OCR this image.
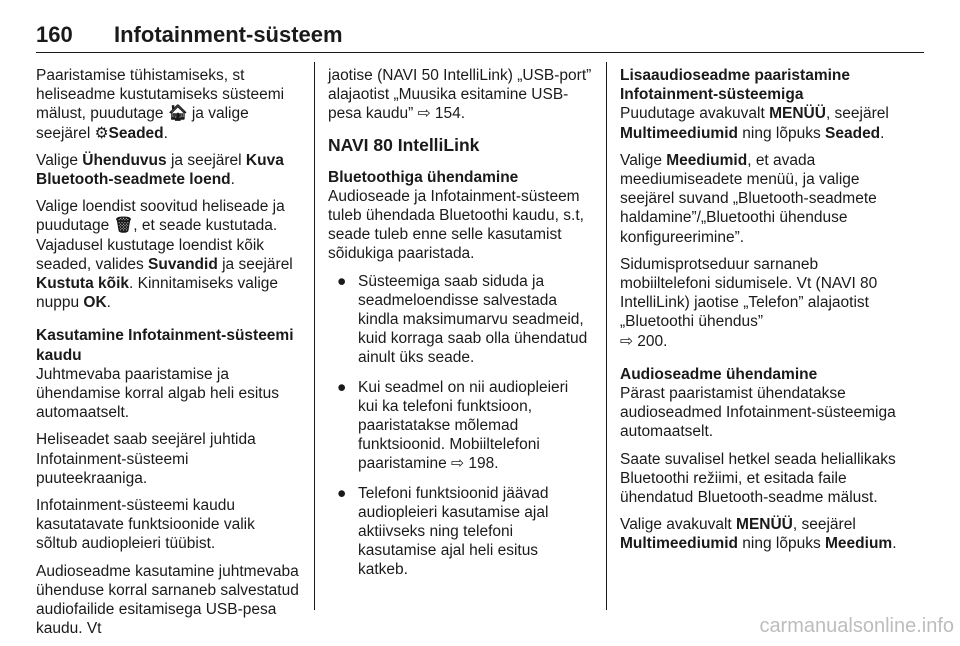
160 Infotainment-süsteem

Paaristamise tühistamiseks, st heliseadme kustutamiseks süsteemi mälust, puudutage 🏠︎ ja valige seejärel ⚙Seaded.

Valige Ühenduvus ja seejärel Kuva Bluetooth-seadmete loend.

Valige loendist soovitud heliseade ja puudutage 🗑︎, et seade kustutada. Vajadusel kustutage loendist kõik seaded, valides Suvandid ja seejärel Kustuta kõik. Kinnitamiseks valige nuppu OK.

Kasutamine Infotainment-süsteemi kaudu

Juhtmevaba paaristamise ja ühendamise korral algab heli esitus automaatselt.

Heliseadet saab seejärel juhtida Infotainment-süsteemi puuteekraaniga.

Infotainment-süsteemi kaudu kasutatavate funktsioonide valik sõltub audiopleieri tüübist.

Audioseadme kasutamine juhtmevaba ühenduse korral sarnaneb salvestatud audiofailide esitamisega USB-pesa kaudu. Vt

jaotise (NAVI 50 IntelliLink) „USB-port” alajaotist „Muusika esitamine USB-pesa kaudu” ⇨ 154.

NAVI 80 IntelliLink
Bluetoothiga ühendamine

Audioseade ja Infotainment-süsteem tuleb ühendada Bluetoothi kaudu, s.t, seade tuleb enne selle kasutamist sõidukiga paaristada.

● Süsteemiga saab siduda ja seadmeloendisse salvestada kindla maksimumarvu seadmeid, kuid korraga saab olla ühendatud ainult üks seade.
● Kui seadmel on nii audiopleieri kui ka telefoni funktsioon, paaristatakse mõlemad funktsioonid. Mobiiltelefoni paaristamine ⇨ 198.
● Telefoni funktsioonid jäävad audiopleieri kasutamise ajal aktiivseks ning telefoni kasutamise ajal heli esitus katkeb.
Lisaaudioseadme paaristamine Infotainment-süsteemiga

Puudutage avakuvalt MENÜÜ, seejärel Multimeediumid ning lõpuks Seaded.

Valige Meediumid, et avada meediumiseadete menüü, ja valige seejärel suvand „Bluetooth-seadmete haldamine”/„Bluetoothi ühenduse konfigureerimine”.

Sidumisprotseduur sarnaneb mobiiltelefoni sidumisele. Vt (NAVI 80 IntelliLink) jaotise „Telefon” alajaotist „Bluetoothi ühendus”
⇨ 200.

Audioseadme ühendamine

Pärast paaristamist ühendatakse audioseadmed Infotainment-süsteemiga automaatselt.

Saate suvalisel hetkel seada heliallikaks Bluetoothi režiimi, et esitada faile ühendatud Bluetooth-seadme mälust.

Valige avakuvalt MENÜÜ, seejärel Multimeediumid ning lõpuks Meedium.

carmanualsonline.info
